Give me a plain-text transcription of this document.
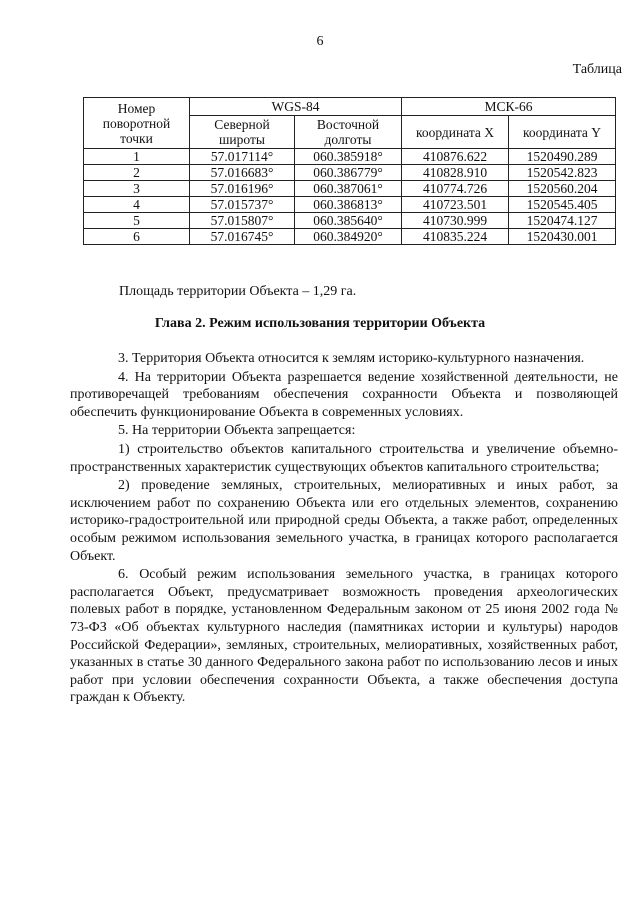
6
Таблица
Номер поворотной точки	WGS-84		МСК-66	
	Северной широты	Восточной долготы	координата X	координата Y
1	57.017114°	060.385918°	410876.622	1520490.289
2	57.016683°	060.386779°	410828.910	1520542.823
3	57.016196°	060.387061°	410774.726	1520560.204
4	57.015737°	060.386813°	410723.501	1520545.405
5	57.015807°	060.385640°	410730.999	1520474.127
6	57.016745°	060.384920°	410835.224	1520430.001
Площадь территории Объекта – 1,29 га.
Глава 2. Режим использования территории Объекта

3. Территория Объекта относится к землям историко-культурного назначения.

4. На территории Объекта разрешается ведение хозяйственной деятельности, не противоречащей требованиям обеспечения сохранности Объекта и позволяющей обеспечить функционирование Объекта в современных условиях.

5. На территории Объекта запрещается:

1) строительство объектов капитального строительства и увеличение объемно-пространственных характеристик существующих объектов капитального строительства;

2) проведение земляных, строительных, мелиоративных и иных работ, за исключением работ по сохранению Объекта или его отдельных элементов, сохранению историко-градостроительной или природной среды Объекта, а также работ, определенных особым режимом использования земельного участка, в границах которого располагается Объект.

6. Особый режим использования земельного участка, в границах которого располагается Объект, предусматривает возможность проведения археологических полевых работ в порядке, установленном Федеральным законом от 25 июня 2002 года № 73-ФЗ «Об объектах культурного наследия (памятниках истории и культуры) народов Российской Федерации», земляных, строительных, мелиоративных, хозяйственных работ, указанных в статье 30 данного Федерального закона работ по использованию лесов и иных работ при условии обеспечения сохранности Объекта, а также обеспечения доступа граждан к Объекту.
